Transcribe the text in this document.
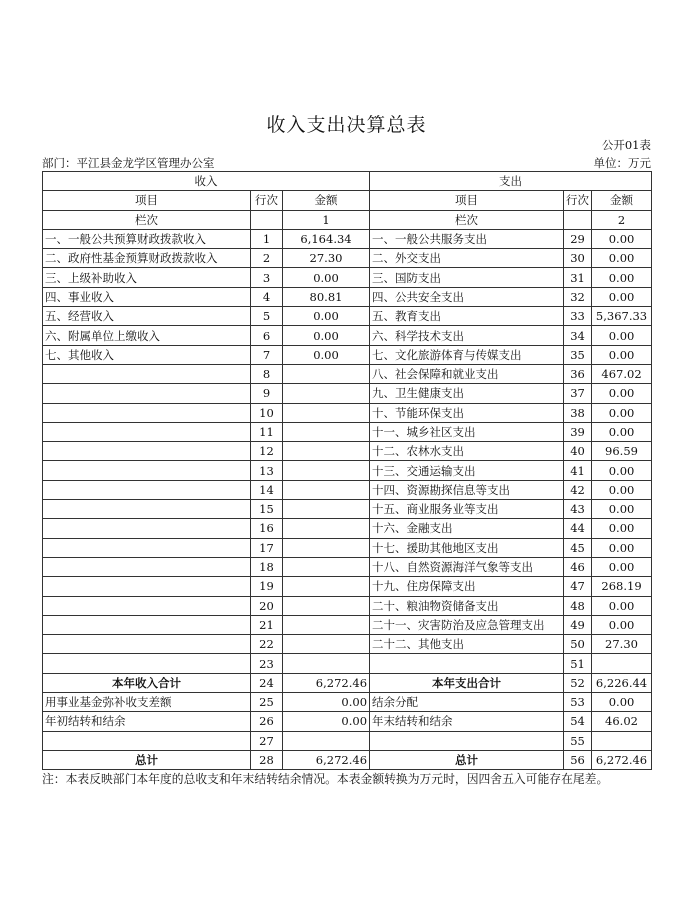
收入支出决算总表
公开01表
部门：平江县金龙学区管理办公室	单位：万元
收入			支出		
项目	行次	金额	项目	行次	金额
栏次		1	栏次		2
一、一般公共预算财政拨款收入	1	6,164.34	一、一般公共服务支出	29	0.00
二、政府性基金预算财政拨款收入	2	27.30	二、外交支出	30	0.00
三、上级补助收入	3	0.00	三、国防支出	31	0.00
四、事业收入	4	80.81	四、公共安全支出	32	0.00
五、经营收入	5	0.00	五、教育支出	33	5,367.33
六、附属单位上缴收入	6	0.00	六、科学技术支出	34	0.00
七、其他收入	7	0.00	七、文化旅游体育与传媒支出	35	0.00
	8		八、社会保障和就业支出	36	467.02
	9		九、卫生健康支出	37	0.00
	10		十、节能环保支出	38	0.00
	11		十一、城乡社区支出	39	0.00
	12		十二、农林水支出	40	96.59
	13		十三、交通运输支出	41	0.00
	14		十四、资源勘探信息等支出	42	0.00
	15		十五、商业服务业等支出	43	0.00
	16		十六、金融支出	44	0.00
	17		十七、援助其他地区支出	45	0.00
	18		十八、自然资源海洋气象等支出	46	0.00
	19		十九、住房保障支出	47	268.19
	20		二十、粮油物资储备支出	48	0.00
	21		二十一、灾害防治及应急管理支出	49	0.00
	22		二十二、其他支出	50	27.30
	23			51	
本年收入合计	24	6,272.46	本年支出合计	52	6,226.44
用事业基金弥补收支差额	25	0.00	结余分配	53	0.00
年初结转和结余	26	0.00	年末结转和结余	54	46.02
	27			55	
总计	28	6,272.46	总计	56	6,272.46
注：本表反映部门本年度的总收支和年末结转结余情况。本表金额转换为万元时，因四舍五入可能存在尾差。
